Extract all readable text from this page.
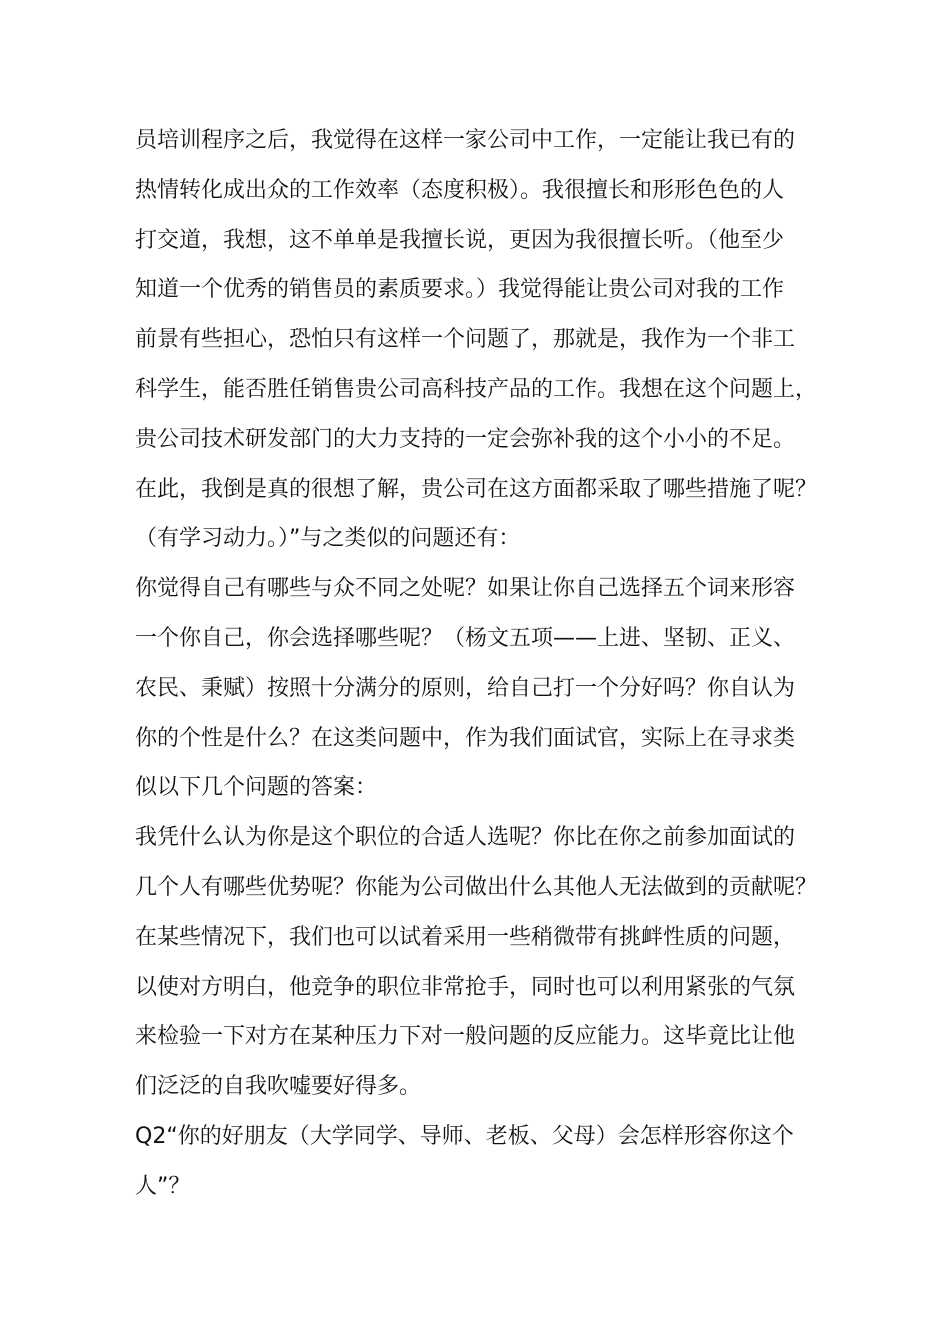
员培训程序之后，我觉得在这样一家公司中工作，一定能让我已有的
热情转化成出众的工作效率（态度积极）。我很擅长和形形色色的人
打交道，我想，这不单单是我擅长说，更因为我很擅长听。（他至少
知道一个优秀的销售员的素质要求。）我觉得能让贵公司对我的工作
前景有些担心，恐怕只有这样一个问题了，那就是，我作为一个非工
科学生，能否胜任销售贵公司高科技产品的工作。我想在这个问题上，
贵公司技术研发部门的大力支持的一定会弥补我的这个小小的不足。
在此，我倒是真的很想了解，贵公司在这方面都采取了哪些措施了呢？
（有学习动力。）”与之类似的问题还有：
你觉得自己有哪些与众不同之处呢？如果让你自己选择五个词来形容
一个你自己，你会选择哪些呢？（杨文五项——上进、坚韧、正义、
农民、秉赋）按照十分满分的原则，给自己打一个分好吗？你自认为
你的个性是什么？在这类问题中，作为我们面试官，实际上在寻求类
似以下几个问题的答案：
我凭什么认为你是这个职位的合适人选呢？你比在你之前参加面试的
几个人有哪些优势呢？你能为公司做出什么其他人无法做到的贡献呢？
在某些情况下，我们也可以试着采用一些稍微带有挑衅性质的问题，
以使对方明白，他竞争的职位非常抢手，同时也可以利用紧张的气氛
来检验一下对方在某种压力下对一般问题的反应能力。这毕竟比让他
们泛泛的自我吹嘘要好得多。
Q2“你的好朋友（大学同学、导师、老板、父母）会怎样形容你这个
人”？
